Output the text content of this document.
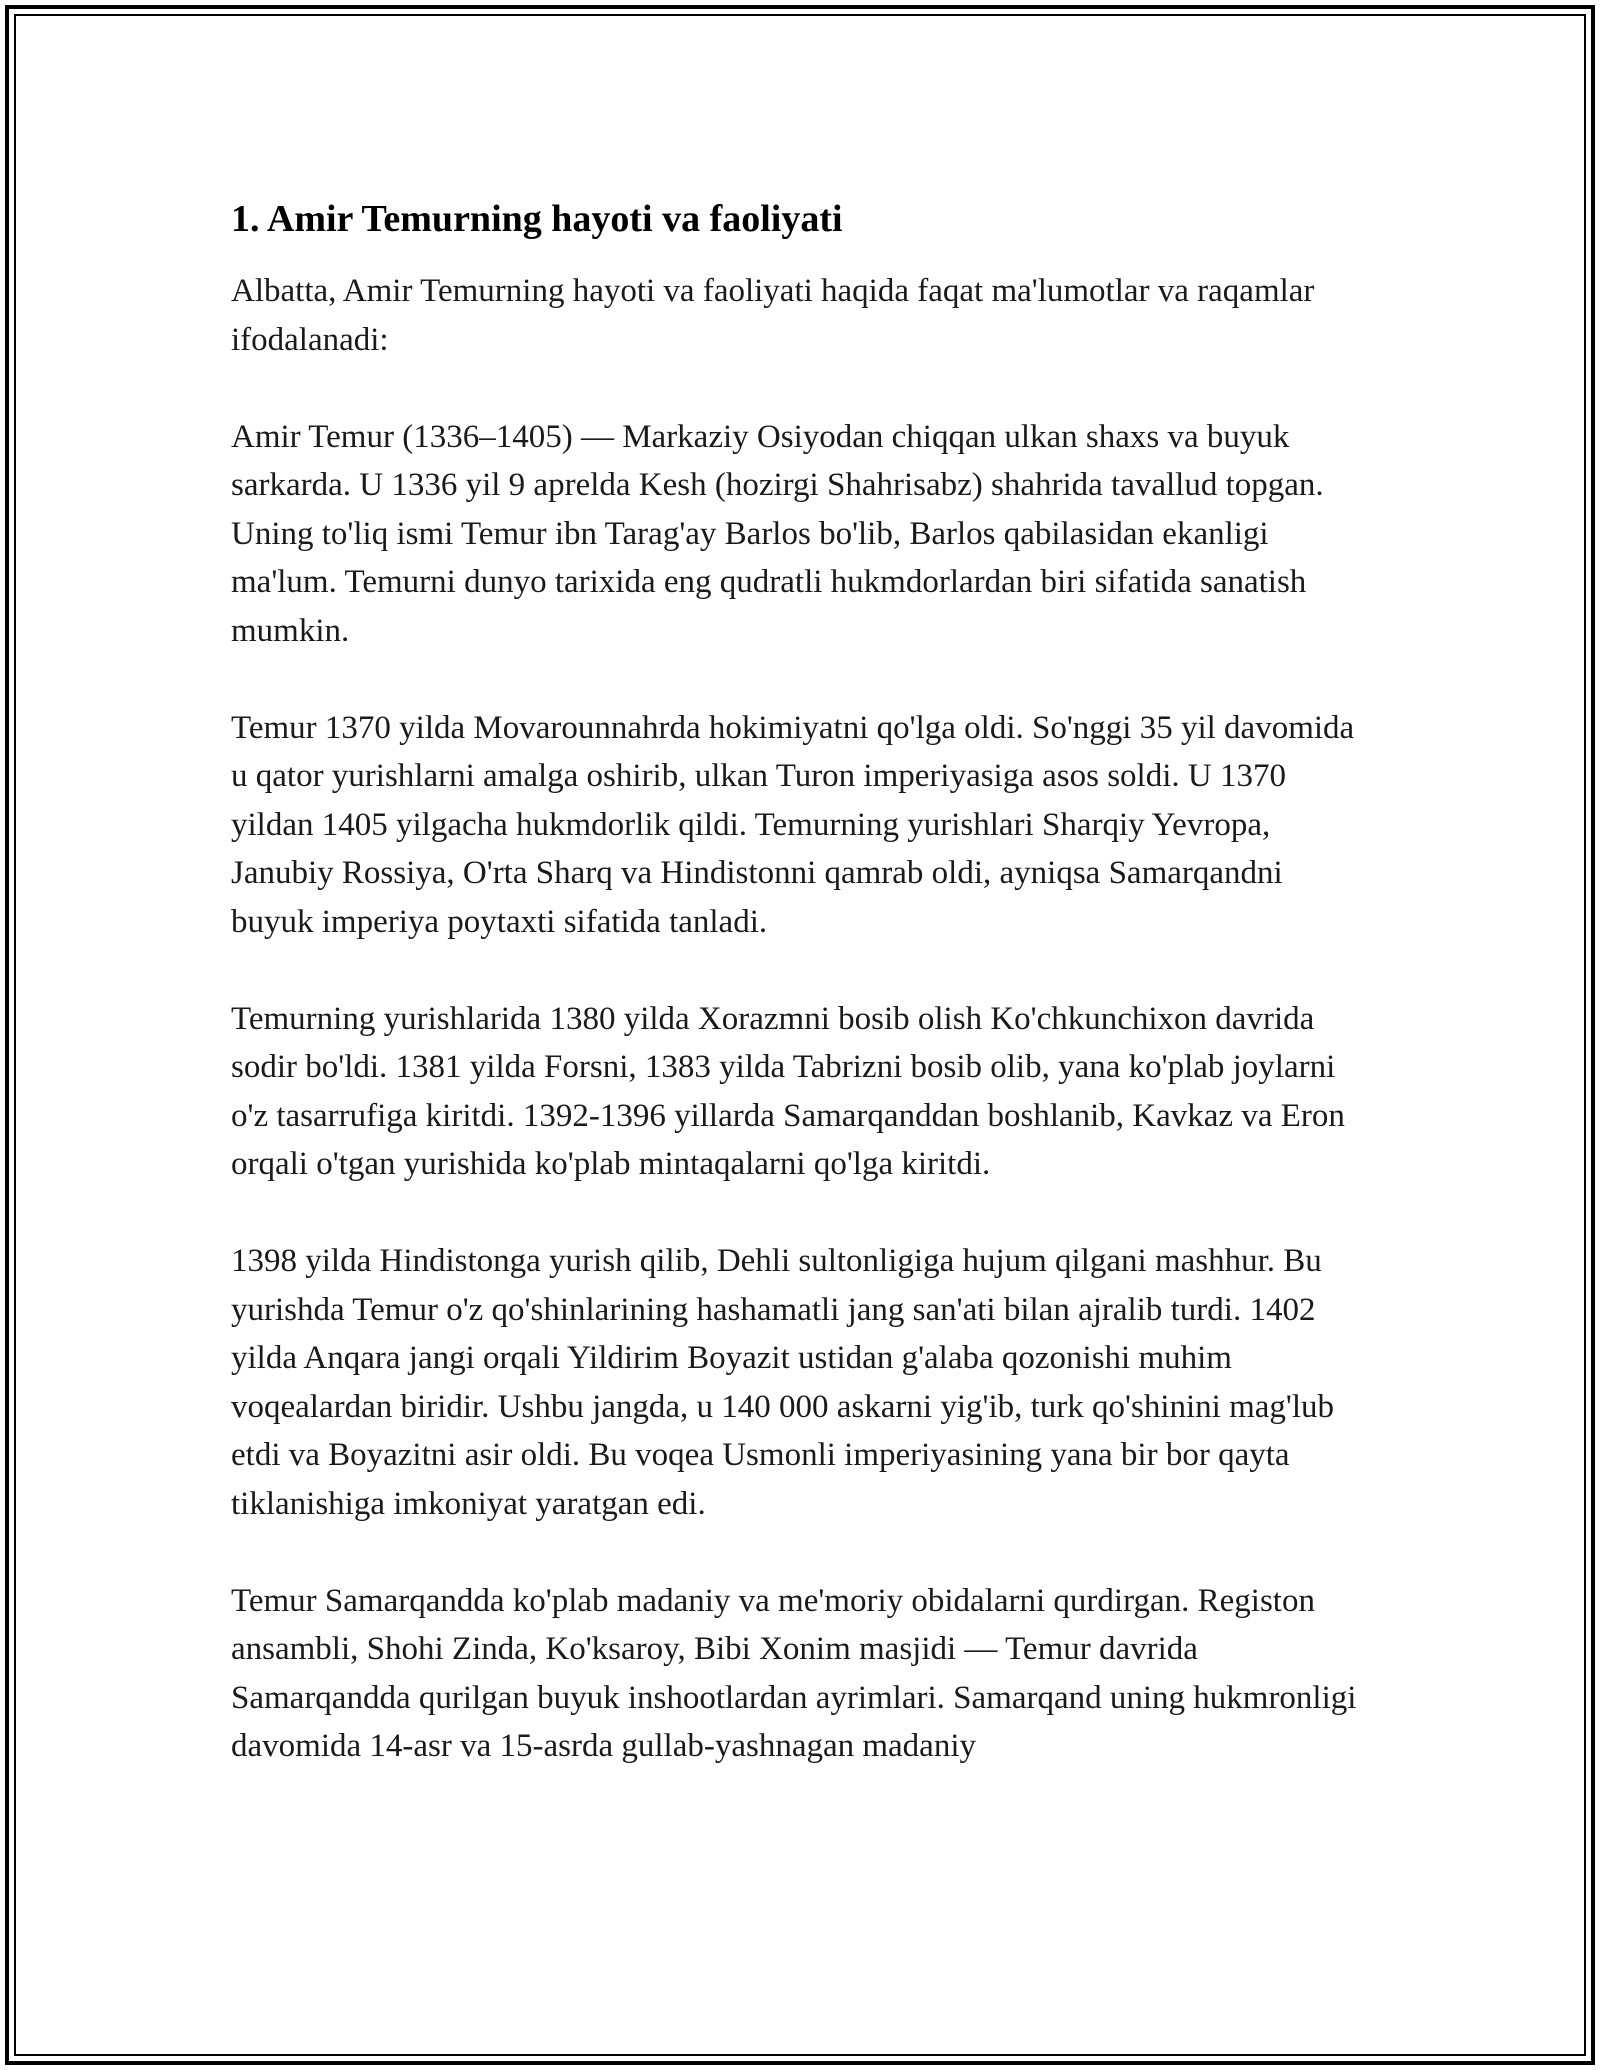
1. Amir Temurning hayoti va faoliyati

Albatta, Amir Temurning hayoti va faoliyati haqida faqat ma'lumotlar va raqamlar ifodalanadi:

Amir Temur (1336–1405) — Markaziy Osiyodan chiqqan ulkan shaxs va buyuk sarkarda. U 1336 yil 9 aprelda Kesh (hozirgi Shahrisabz) shahrida tavallud topgan. Uning to'liq ismi Temur ibn Tarag'ay Barlos bo'lib, Barlos qabilasidan ekanligi ma'lum. Temurni dunyo tarixida eng qudratli hukmdorlardan biri sifatida sanatish mumkin.

Temur 1370 yilda Movarounnahrda hokimiyatni qo'lga oldi. So'nggi 35 yil davomida u qator yurishlarni amalga oshirib, ulkan Turon imperiyasiga asos soldi. U 1370 yildan 1405 yilgacha hukmdorlik qildi. Temurning yurishlari Sharqiy Yevropa, Janubiy Rossiya, O'rta Sharq va Hindistonni qamrab oldi, ayniqsa Samarqandni buyuk imperiya poytaxti sifatida tanladi.

Temurning yurishlarida 1380 yilda Xorazmni bosib olish Ko'chkunchixon davrida sodir bo'ldi. 1381 yilda Forsni, 1383 yilda Tabrizni bosib olib, yana ko'plab joylarni o'z tasarrufiga kiritdi. 1392-1396 yillarda Samarqanddan boshlanib, Kavkaz va Eron orqali o'tgan yurishida ko'plab mintaqalarni qo'lga kiritdi.

1398 yilda Hindistonga yurish qilib, Dehli sultonligiga hujum qilgani mashhur. Bu yurishda Temur o'z qo'shinlarining hashamatli jang san'ati bilan ajralib turdi. 1402 yilda Anqara jangi orqali Yildirim Boyazit ustidan g'alaba qozonishi muhim voqealardan biridir. Ushbu jangda, u 140 000 askarni yig'ib, turk qo'shinini mag'lub etdi va Boyazitni asir oldi. Bu voqea Usmonli imperiyasining yana bir bor qayta tiklanishiga imkoniyat yaratgan edi.

Temur Samarqandda ko'plab madaniy va me'moriy obidalarni qurdirgan. Registon ansambli, Shohi Zinda, Ko'ksaroy, Bibi Xonim masjidi — Temur davrida Samarqandda qurilgan buyuk inshootlardan ayrimlari. Samarqand uning hukmronligi davomida 14-asr va 15-asrda gullab-yashnagan madaniy
